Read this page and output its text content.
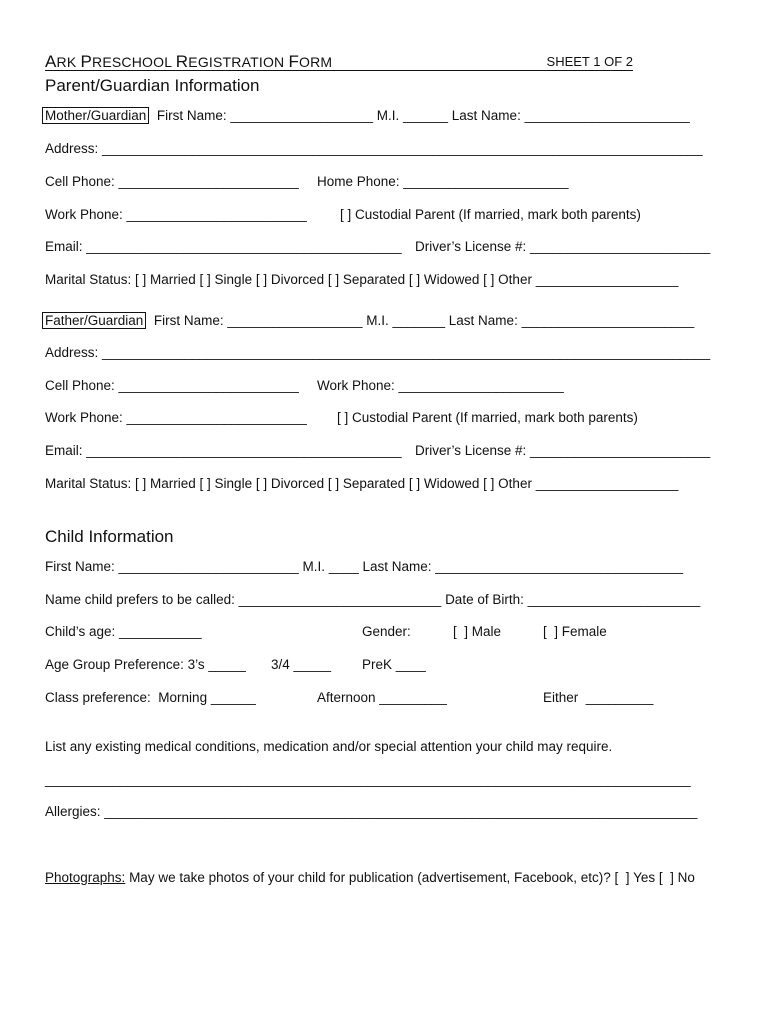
ARK PRESCHOOL REGISTRATION FORM	SHEET 1 OF 2
Parent/Guardian Information
Mother/Guardian First Name: ___________________ M.I. ______ Last Name: ______________________
Address: ________________________________________________________________________________
Cell Phone: ________________________ Home Phone: ______________________
Work Phone: ________________________ [ ] Custodial Parent (If married, mark both parents)
Email: __________________________________________ Driver’s License #: ________________________
Marital Status: [ ] Married [ ] Single [ ] Divorced [ ] Separated [ ] Widowed [ ] Other ___________________
Father/Guardian First Name: __________________ M.I. _______ Last Name: _______________________
Address: _________________________________________________________________________________
Cell Phone: ________________________ Work Phone: ______________________
Work Phone: ________________________ [ ] Custodial Parent (If married, mark both parents)
Email: __________________________________________ Driver’s License #: ________________________
Marital Status: [ ] Married [ ] Single [ ] Divorced [ ] Separated [ ] Widowed [ ] Other ___________________
Child Information
First Name: ________________________ M.I. ____ Last Name: _________________________________
Name child prefers to be called: ___________________________ Date of Birth: _______________________
Child’s age: ___________	Gender:	[  ] Male	[  ] Female
Age Group Preference: 3’s _____ 3/4 _____ PreK ____
Class preference:  Morning ______	Afternoon _________	Either  _________
List any existing medical conditions, medication and/or special attention your child may require.
______________________________________________________________________________________
Allergies: _______________________________________________________________________________
Photographs: May we take photos of your child for publication (advertisement, Facebook, etc)? [  ] Yes [  ] No
